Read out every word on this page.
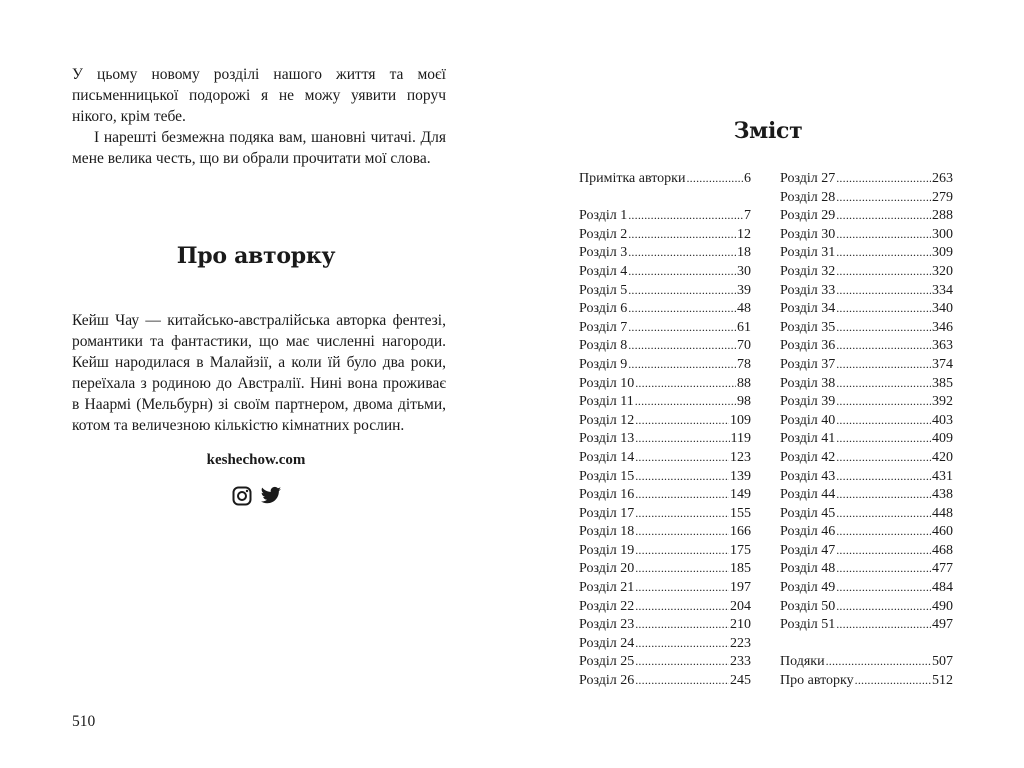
У цьому новому розділі нашого життя та моєї письменницької подорожі я не можу уявити поруч нікого, крім тебе.

І нарешті безмежна подяка вам, шановні читачі. Для мене велика честь, що ви обрали прочитати мої слова.

Про авторку

Кейш Чау — китайсько-австралійська авторка фентезі, романтики та фантастики, що має численні нагороди. Кейш народилася в Малайзії, а коли їй було два роки, переїхала з родиною до Австралії. Нині вона проживає в Наармі (Мельбурн) зі своїм партнером, двома дітьми, котом та величезною кількістю кімнатних рослин.

keshechow.com
510
Зміст
Примітка авторки .....	6
Розділ 1 .....	7
Розділ 2 .....	12
Розділ 3 .....	18
Розділ 4 .....	30
Розділ 5 .....	39
Розділ 6 .....	48
Розділ 7 .....	61
Розділ 8 .....	70
Розділ 9 .....	78
Розділ 10 .....	88
Розділ 11 .....	98
Розділ 12 .....	109
Розділ 13 .....	119
Розділ 14 .....	123
Розділ 15 .....	139
Розділ 16 .....	149
Розділ 17 .....	155
Розділ 18 .....	166
Розділ 19 .....	175
Розділ 20 .....	185
Розділ 21 .....	197
Розділ 22 .....	204
Розділ 23 .....	210
Розділ 24 .....	223
Розділ 25 .....	233
Розділ 26 .....	245
Розділ 27 .....	263
Розділ 28 .....	279
Розділ 29 .....	288
Розділ 30 .....	300
Розділ 31 .....	309
Розділ 32 .....	320
Розділ 33 .....	334
Розділ 34 .....	340
Розділ 35 .....	346
Розділ 36 .....	363
Розділ 37 .....	374
Розділ 38 .....	385
Розділ 39 .....	392
Розділ 40 .....	403
Розділ 41 .....	409
Розділ 42 .....	420
Розділ 43 .....	431
Розділ 44 .....	438
Розділ 45 .....	448
Розділ 46 .....	460
Розділ 47 .....	468
Розділ 48 .....	477
Розділ 49 .....	484
Розділ 50 .....	490
Розділ 51 .....	497
Подяки .....	507
Про авторку .....	512
